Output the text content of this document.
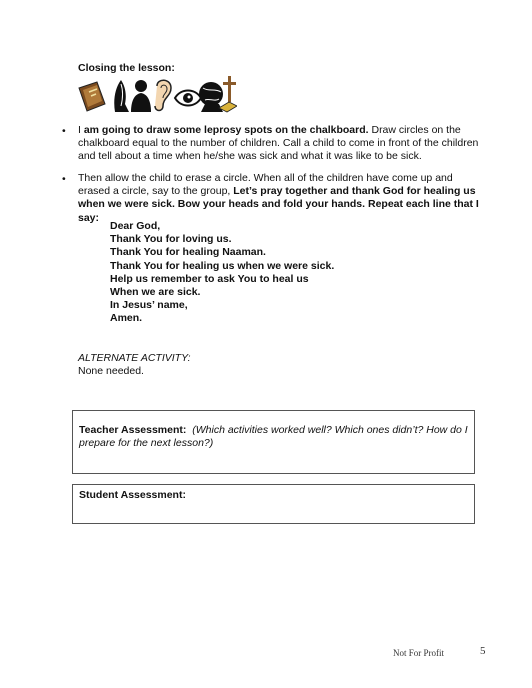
Closing the lesson:
• I am going to draw some leprosy spots on the chalkboard. Draw circles on the chalkboard equal to the number of children. Call a child to come in front of the children and tell about a time when he/she was sick and what it was like to be sick.
• Then allow the child to erase a circle. When all of the children have come up and erased a circle, say to the group, Let’s pray together and thank God for healing us when we were sick. Bow your heads and fold your hands. Repeat each line that I say:
Dear God,
Thank You for loving us.
Thank You for healing Naaman.
Thank You for healing us when we were sick.
Help us remember to ask You to heal us
When we are sick.
In Jesus’ name,
Amen.
ALTERNATE ACTIVITY:
None needed.
Teacher Assessment: (Which activities worked well? Which ones didn’t? How do I prepare for the next lesson?)
Student Assessment:
Not For Profit	5
